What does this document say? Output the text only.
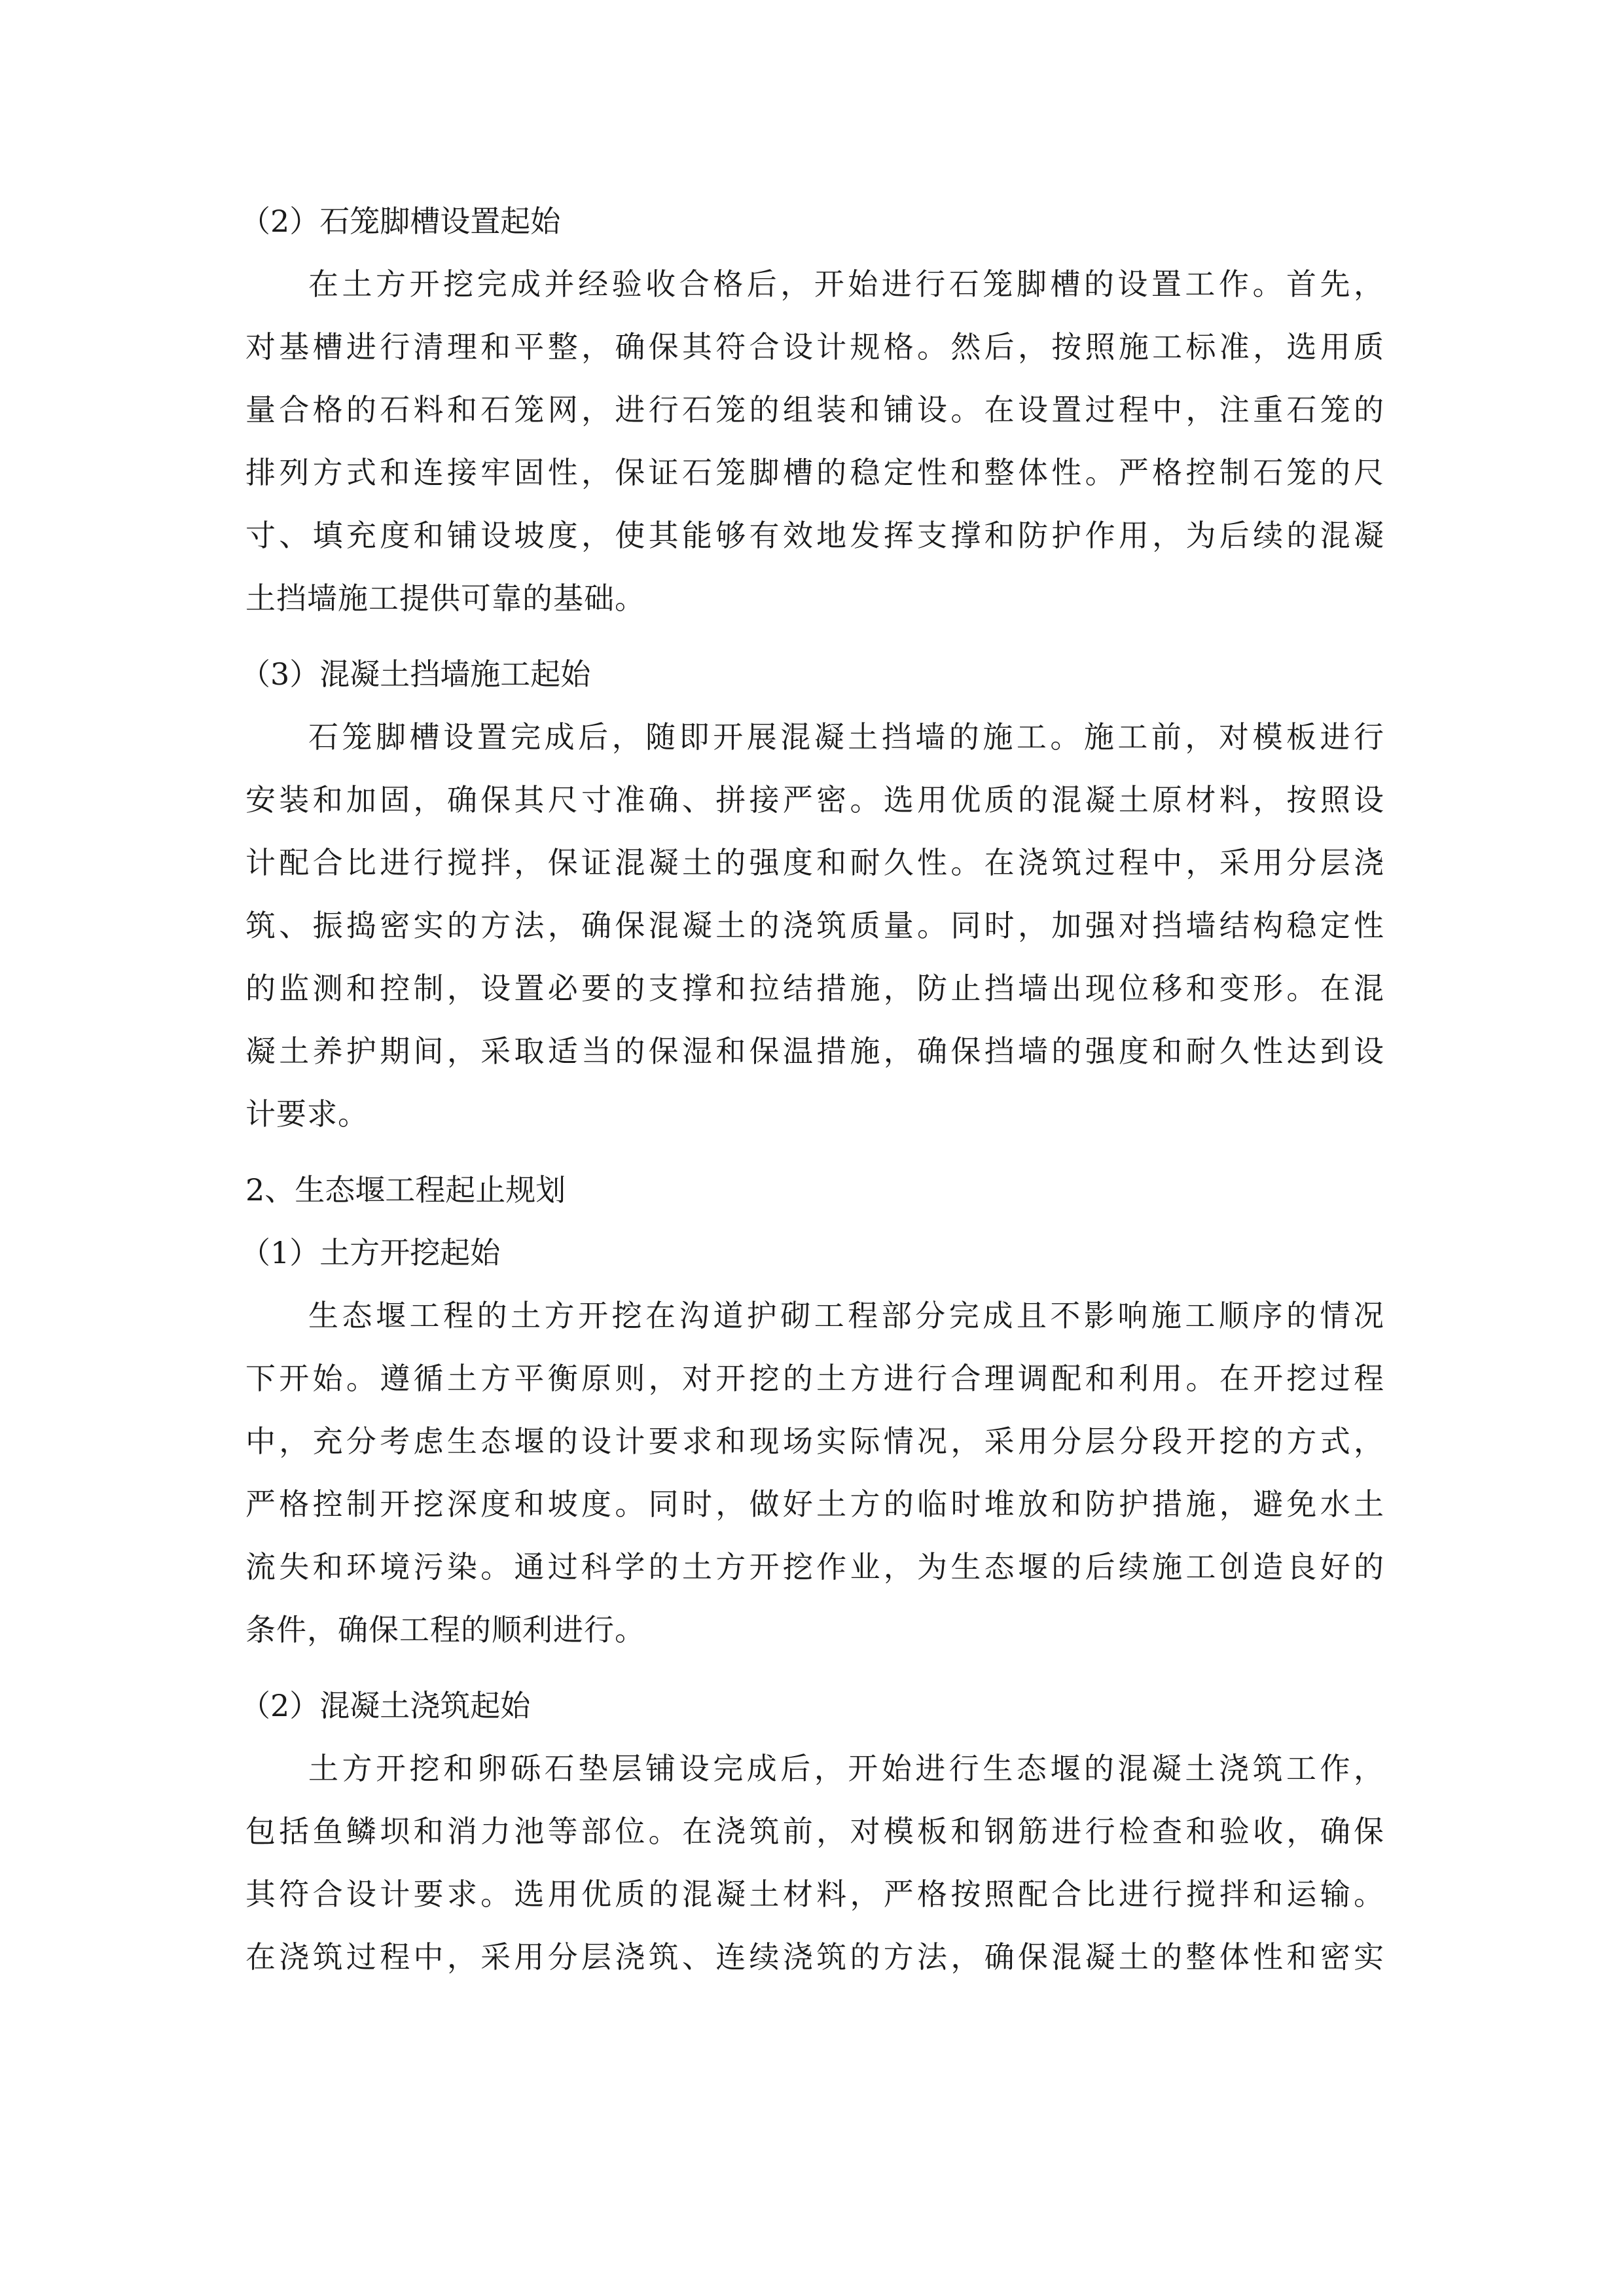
（2）石笼脚槽设置起始
在土方开挖完成并经验收合格后，开始进行石笼脚槽的设置工作。首先，
对基槽进行清理和平整，确保其符合设计规格。然后，按照施工标准，选用质
量合格的石料和石笼网，进行石笼的组装和铺设。在设置过程中，注重石笼的
排列方式和连接牢固性，保证石笼脚槽的稳定性和整体性。严格控制石笼的尺
寸、填充度和铺设坡度，使其能够有效地发挥支撑和防护作用，为后续的混凝
土挡墙施工提供可靠的基础。
（3）混凝土挡墙施工起始
石笼脚槽设置完成后，随即开展混凝土挡墙的施工。施工前，对模板进行
安装和加固，确保其尺寸准确、拼接严密。选用优质的混凝土原材料，按照设
计配合比进行搅拌，保证混凝土的强度和耐久性。在浇筑过程中，采用分层浇
筑、振捣密实的方法，确保混凝土的浇筑质量。同时，加强对挡墙结构稳定性
的监测和控制，设置必要的支撑和拉结措施，防止挡墙出现位移和变形。在混
凝土养护期间，采取适当的保湿和保温措施，确保挡墙的强度和耐久性达到设
计要求。
2、生态堰工程起止规划
（1）土方开挖起始
生态堰工程的土方开挖在沟道护砌工程部分完成且不影响施工顺序的情况
下开始。遵循土方平衡原则，对开挖的土方进行合理调配和利用。在开挖过程
中，充分考虑生态堰的设计要求和现场实际情况，采用分层分段开挖的方式，
严格控制开挖深度和坡度。同时，做好土方的临时堆放和防护措施，避免水土
流失和环境污染。通过科学的土方开挖作业，为生态堰的后续施工创造良好的
条件，确保工程的顺利进行。
（2）混凝土浇筑起始
土方开挖和卵砾石垫层铺设完成后，开始进行生态堰的混凝土浇筑工作，
包括鱼鳞坝和消力池等部位。在浇筑前，对模板和钢筋进行检查和验收，确保
其符合设计要求。选用优质的混凝土材料，严格按照配合比进行搅拌和运输。
在浇筑过程中，采用分层浇筑、连续浇筑的方法，确保混凝土的整体性和密实
